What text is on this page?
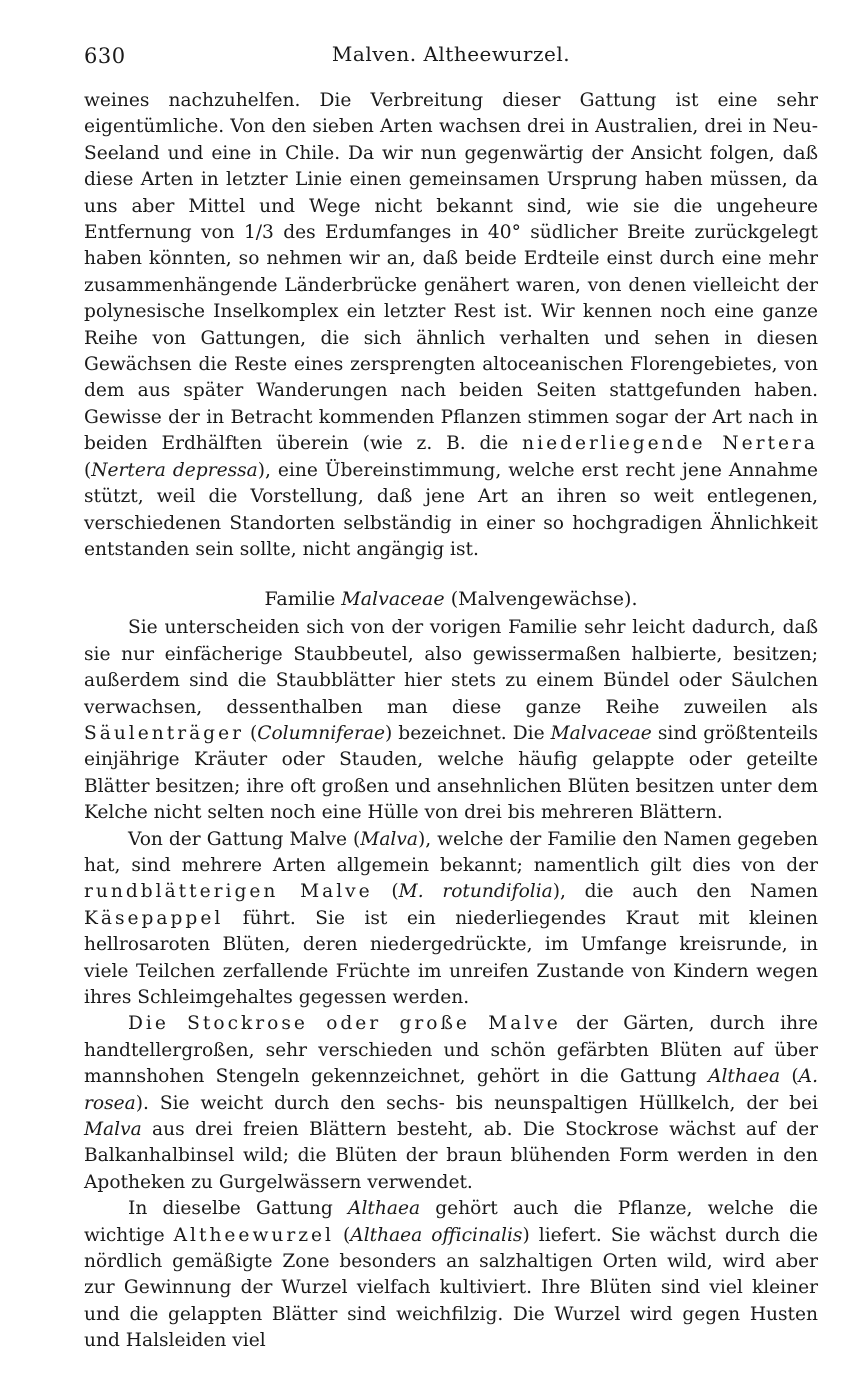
630	Malven. Altheewurzel.

weines nachzuhelfen. Die Verbreitung dieser Gattung ist eine sehr eigentümliche. Von den sieben Arten wachsen drei in Australien, drei in Neu-Seeland und eine in Chile. Da wir nun gegenwärtig der Ansicht folgen, daß diese Arten in letzter Linie einen gemeinsamen Ursprung haben müssen, da uns aber Mittel und Wege nicht bekannt sind, wie sie die ungeheure Entfernung von 1/3 des Erdumfanges in 40° südlicher Breite zurückgelegt haben könnten, so nehmen wir an, daß beide Erdteile einst durch eine mehr zusammenhängende Länderbrücke genähert waren, von denen vielleicht der polynesische Inselkomplex ein letzter Rest ist. Wir kennen noch eine ganze Reihe von Gattungen, die sich ähnlich verhalten und sehen in diesen Gewächsen die Reste eines zersprengten altoceanischen Florengebietes, von dem aus später Wanderungen nach beiden Seiten stattgefunden haben. Gewisse der in Betracht kommenden Pflanzen stimmen sogar der Art nach in beiden Erdhälften überein (wie z. B. die niederliegende Nertera (Nertera depressa), eine Übereinstimmung, welche erst recht jene Annahme stützt, weil die Vorstellung, daß jene Art an ihren so weit entlegenen, verschiedenen Standorten selbständig in einer so hochgradigen Ähnlichkeit entstanden sein sollte, nicht angängig ist.

Familie Malvaceae (Malvengewächse).

Sie unterscheiden sich von der vorigen Familie sehr leicht dadurch, daß sie nur einfächerige Staubbeutel, also gewissermaßen halbierte, besitzen; außerdem sind die Staubblätter hier stets zu einem Bündel oder Säulchen verwachsen, dessenthalben man diese ganze Reihe zuweilen als Säulenträger (Columniferae) bezeichnet. Die Malvaceae sind größtenteils einjährige Kräuter oder Stauden, welche häufig gelappte oder geteilte Blätter besitzen; ihre oft großen und ansehnlichen Blüten besitzen unter dem Kelche nicht selten noch eine Hülle von drei bis mehreren Blättern.

Von der Gattung Malve (Malva), welche der Familie den Namen gegeben hat, sind mehrere Arten allgemein bekannt; namentlich gilt dies von der rundblätterigen Malve (M. rotundifolia), die auch den Namen Käsepappel führt. Sie ist ein niederliegendes Kraut mit kleinen hellrosaroten Blüten, deren niedergedrückte, im Umfange kreisrunde, in viele Teilchen zerfallende Früchte im unreifen Zustande von Kindern wegen ihres Schleimgehaltes gegessen werden.

Die Stockrose oder große Malve der Gärten, durch ihre handtellergroßen, sehr verschieden und schön gefärbten Blüten auf über mannshohen Stengeln gekennzeichnet, gehört in die Gattung Althaea (A. rosea). Sie weicht durch den sechs- bis neunspaltigen Hüllkelch, der bei Malva aus drei freien Blättern besteht, ab. Die Stockrose wächst auf der Balkanhalbinsel wild; die Blüten der braun blühenden Form werden in den Apotheken zu Gurgelwässern verwendet.

In dieselbe Gattung Althaea gehört auch die Pflanze, welche die wichtige Altheewurzel (Althaea officinalis) liefert. Sie wächst durch die nördlich gemäßigte Zone besonders an salzhaltigen Orten wild, wird aber zur Gewinnung der Wurzel vielfach kultiviert. Ihre Blüten sind viel kleiner und die gelappten Blätter sind weichfilzig. Die Wurzel wird gegen Husten und Halsleiden viel
